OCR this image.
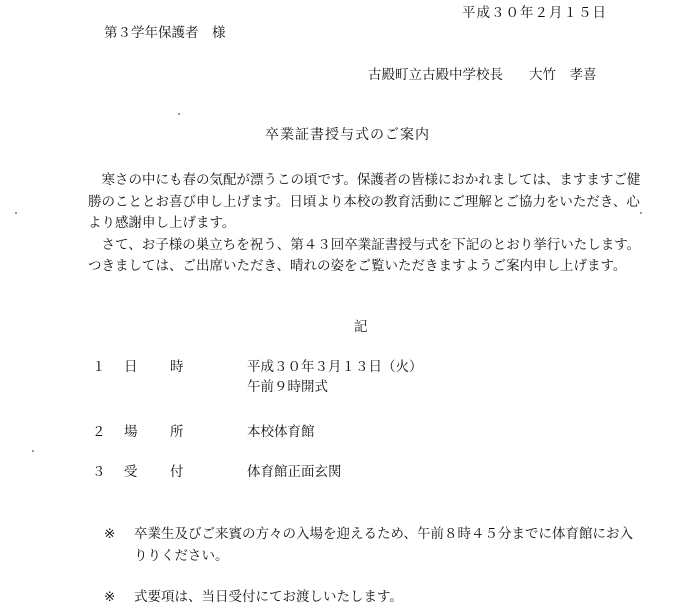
平成３０年２月１５日
第３学年保護者　様
古殿町立古殿中学校長 大竹　孝喜
卒業証書授与式のご案内

　寒さの中にも春の気配が漂うこの頃です。保護者の皆様におかれましては、ますますご健勝のこととお喜び申し上げます。日頃より本校の教育活動にご理解とご協力をいただき、心より感謝申し上げます。

　さて、お子様の巣立ちを祝う、第４３回卒業証書授与式を下記のとおり挙行いたします。つきましては、ご出席いただき、晴れの姿をご覧いただきますようご案内申し上げます。

記
１ 日 時	平成３０年３月１３日（火）
午前９時開式
２ 場 所	本校体育館
３ 受 付	体育館正面玄関
※ 卒業生及びご来賓の方々の入場を迎えるため、午前８時４５分までに体育館にお入りりください。
※ 式要項は、当日受付にてお渡しいたします。
